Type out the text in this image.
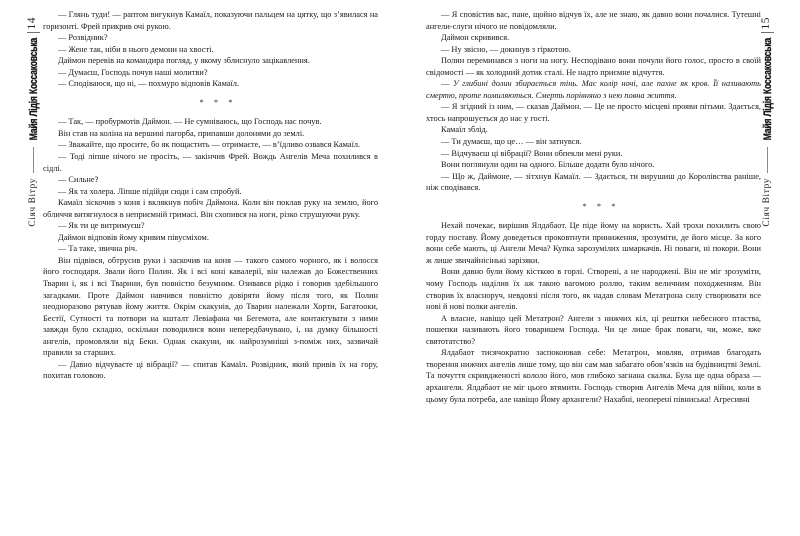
14
Майя Лідія Коссаковська
Сіяч Вітру

— Глянь туди! — раптом вигукнув Камаїл, показуючи пальцем на цятку, що з’явилася на горизонті. Фрей прикрив очі рукою.

— Розвідник?

— Жене так, ніби в нього демони на хвості.

Даймон перевів на командира погляд, у якому зблиснуло зацікавлення.

— Думаєш, Господь почув наші молитви?

— Сподіваюся, що ні, — похмуро відповів Камаїл.

* * *

— Так, — пробурмотів Даймон. — Не сумніваюсь, що Господь нас почув.

Він став на коліна на вершині пагорба, припавши долонями до землі.

— Зважайте, що просите, бо як пощастить — отримаєте, — в’їдливо озвався Камаїл.

— Тоді ліпше нічого не просіть, — закінчив Фрей. Вождь Ангелів Меча похилився в сідлі.

— Сильне?

— Як та холера. Ліпше підійди сюди і сам спробуй.

Камаїл зіскочив з коня і вклякнув побіч Даймона. Коли він поклав руку на землю, його обличчя витягнулося в неприємній гримасі. Він схопився на ноги, різко струшуючи руку.

— Як ти це витримуєш?

Даймон відповів йому кривим півусміхом.

— Та таке, звична річ.

Він підвівся, обтрусив руки і заскочив на коня — такого самого чорного, як і волосся його господаря. Звали його Полин. Як і всі коні кавалерії, він належав до Божественних Тварин і, як і всі Тварини, був повністю безумним. Озивався рідко і говорив здебільшого загадками. Проте Даймон навчився повністю довіряти йому після того, як Полин неодноразово рятував йому життя. Окрім скакунів, до Тварин належали Хорти, Багатооки, Бестії, Сутності та потвори на кшталт Левіафана чи Бегемота, але контактувати з ними завжди було складно, оскільки поводилися вони непередбачувано, і, на думку більшості ангелів, промовляли від Беки. Однак скакуни, як найрозумніші з-поміж них, зазвичай правили за старших.

— Давно відчуваєте ці вібрації? — спитав Камаїл. Розвідник, який привів їх на гору, похитав головою.

— Я сповістив вас, пане, щойно відчув їх, але не знаю, як давно вони почалися. Тутешні ангели-слуги нічого не повідомляли.

Даймон скривився.

— Ну звісно, — докинув з гіркотою.

Полин переминався з ноги на ногу. Несподівано вони почули його голос, просто в своїй свідомості — як холодний дотик сталі. Не надто приємне відчуття.

— У глибині долин збирається тінь. Має колір ночі, але пахне як кров. Її називають смертю, проте помиляються. Смерть порівняно з нею повна життя.

— Я згідний із ним, — сказав Даймон. — Це не просто місцеві прояви пітьми. Здається, хтось напрошується до нас у гості.

Камаїл зблід.

— Ти думаєш, що це… — він затнувся.

— Відчуваєш ці вібрації? Вони обпекли мені руки.

Вони поглянули один на одного. Більше додати було нічого.

— Що ж, Даймоне, — зітхнув Камаїл. — Здається, ти вирушиш до Королівства раніше, ніж сподівався.

* * *

Нехай почекає, вирішив Ялдабаот. Це піде йому на користь. Хай трохи похилить свою горду поставу. Йому доведеться проковтнути приниження, зрозуміти, де його місце. За кого вони себе мають, ці Ангели Меча? Купка зарозумілих шмаркачів. Ні поваги, ні покори. Вони ж лише звичайнісінькі зарізяки.

Вони давно були йому кісткою в горлі. Створені, а не народжені. Він не міг зрозуміти, чому Господь наділив їх аж такою вагомою роллю, таким величним походженням. Він створив їх власноруч, невдовзі після того, як надав словам Метатрона силу створювати все нові й нові полки ангелів.

А власне, навіщо цей Метатрон? Ангели з нижчих кіл, ці рештки небесного птаства, пошепки називають його товаришем Господа. Чи це лише брак поваги, чи, може, вже святотатство?

Ялдабаот тисячократно заспокоював себе: Метатрон, мовляв, отримав благодать творення нижчих ангелів лише тому, що він сам мав забагато обов’язків на будівництві Землі. Та почуття скривдженості кололо його, мов глибоко загнана скалка. Була ще одна образа — архангели. Ялдабаот не міг цього втямити. Господь створив Ангелів Меча для війни, коли в цьому була потреба, але навіщо Йому архангели? Нахабні, неоперені півниська! Агресивні

15
Майя Лідія Коссаковська
Сіяч Вітру
